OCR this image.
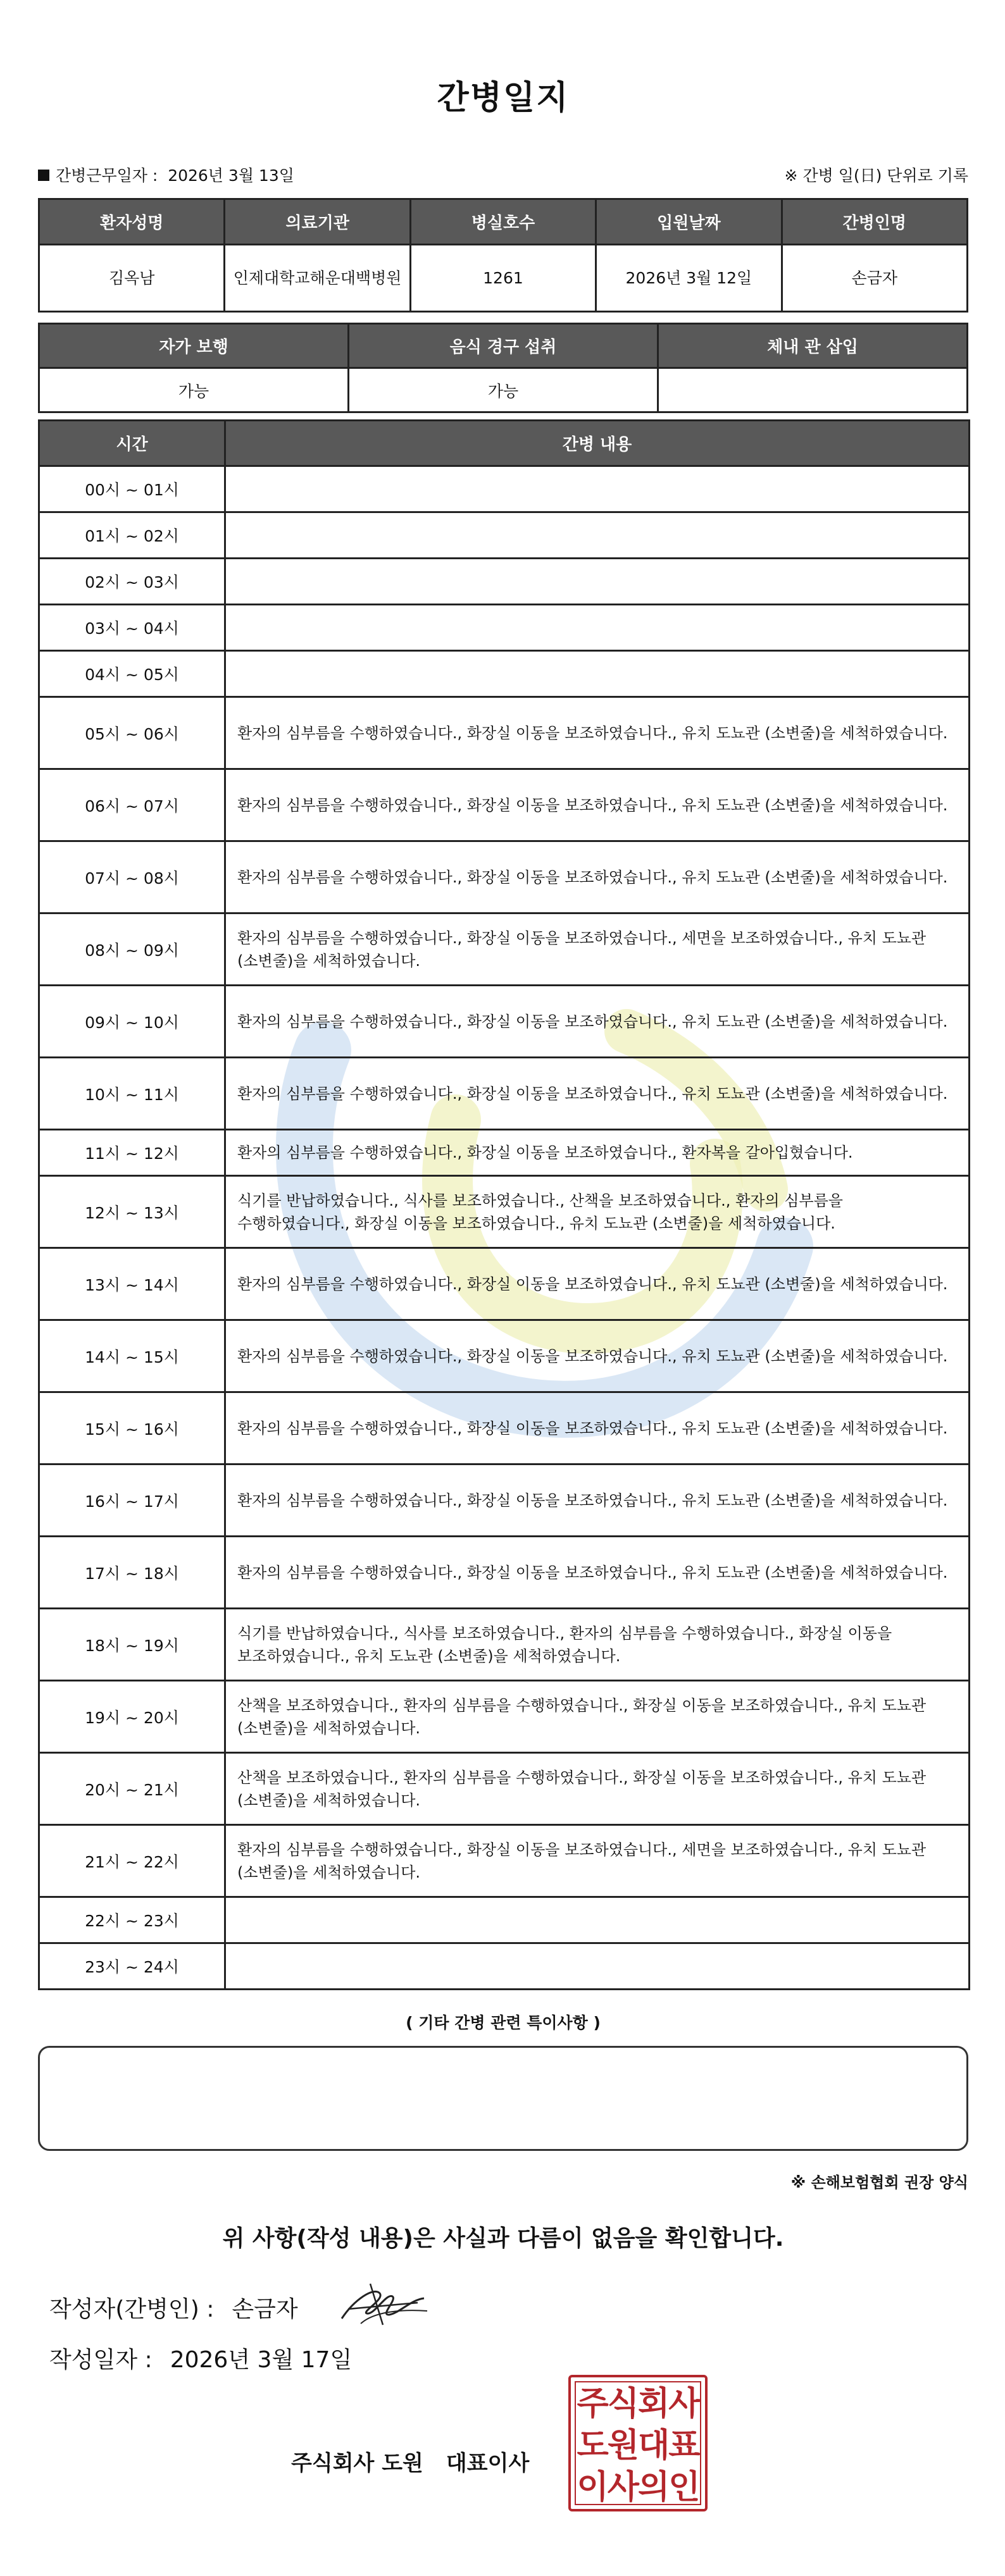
간병일지
간병근무일자 : 2026년 3월 13일	※ 간병 일(日) 단위로 기록
환자성명	의료기관	병실호수	입원날짜	간병인명
김옥남	인제대학교해운대백병원	1261	2026년 3월 12일	손금자
자가 보행	음식 경구 섭취	체내 관 삽입
가능	가능	
시간	간병 내용
00시 ~ 01시	
01시 ~ 02시	
02시 ~ 03시	
03시 ~ 04시	
04시 ~ 05시	
05시 ~ 06시	환자의 심부름을 수행하였습니다., 화장실 이동을 보조하였습니다., 유치 도뇨관 (소변줄)을 세척하였습니다.
06시 ~ 07시	환자의 심부름을 수행하였습니다., 화장실 이동을 보조하였습니다., 유치 도뇨관 (소변줄)을 세척하였습니다.
07시 ~ 08시	환자의 심부름을 수행하였습니다., 화장실 이동을 보조하였습니다., 유치 도뇨관 (소변줄)을 세척하였습니다.
08시 ~ 09시	환자의 심부름을 수행하였습니다., 화장실 이동을 보조하였습니다., 세면을 보조하였습니다., 유치 도뇨관 (소변줄)을 세척하였습니다.
09시 ~ 10시	환자의 심부름을 수행하였습니다., 화장실 이동을 보조하였습니다., 유치 도뇨관 (소변줄)을 세척하였습니다.
10시 ~ 11시	환자의 심부름을 수행하였습니다., 화장실 이동을 보조하였습니다., 유치 도뇨관 (소변줄)을 세척하였습니다.
11시 ~ 12시	환자의 심부름을 수행하였습니다., 화장실 이동을 보조하였습니다., 환자복을 갈아입혔습니다.
12시 ~ 13시	식기를 반납하였습니다., 식사를 보조하였습니다., 산책을 보조하였습니다., 환자의 심부름을 수행하였습니다., 화장실 이동을 보조하였습니다., 유치 도뇨관 (소변줄)을 세척하였습니다.
13시 ~ 14시	환자의 심부름을 수행하였습니다., 화장실 이동을 보조하였습니다., 유치 도뇨관 (소변줄)을 세척하였습니다.
14시 ~ 15시	환자의 심부름을 수행하였습니다., 화장실 이동을 보조하였습니다., 유치 도뇨관 (소변줄)을 세척하였습니다.
15시 ~ 16시	환자의 심부름을 수행하였습니다., 화장실 이동을 보조하였습니다., 유치 도뇨관 (소변줄)을 세척하였습니다.
16시 ~ 17시	환자의 심부름을 수행하였습니다., 화장실 이동을 보조하였습니다., 유치 도뇨관 (소변줄)을 세척하였습니다.
17시 ~ 18시	환자의 심부름을 수행하였습니다., 화장실 이동을 보조하였습니다., 유치 도뇨관 (소변줄)을 세척하였습니다.
18시 ~ 19시	식기를 반납하였습니다., 식사를 보조하였습니다., 환자의 심부름을 수행하였습니다., 화장실 이동을 보조하였습니다., 유치 도뇨관 (소변줄)을 세척하였습니다.
19시 ~ 20시	산책을 보조하였습니다., 환자의 심부름을 수행하였습니다., 화장실 이동을 보조하였습니다., 유치 도뇨관 (소변줄)을 세척하였습니다.
20시 ~ 21시	산책을 보조하였습니다., 환자의 심부름을 수행하였습니다., 화장실 이동을 보조하였습니다., 유치 도뇨관 (소변줄)을 세척하였습니다.
21시 ~ 22시	환자의 심부름을 수행하였습니다., 화장실 이동을 보조하였습니다., 세면을 보조하였습니다., 유치 도뇨관 (소변줄)을 세척하였습니다.
22시 ~ 23시	
23시 ~ 24시	
( 기타 간병 관련 특이사항 )
※ 손해보험협회 권장 양식
위 사항(작성 내용)은 사실과 다름이 없음을 확인합니다.
작성자(간병인) : 손금자
작성일자 : 2026년 3월 17일
주식회사 도원 대표이사
주식회사
도원대표
이사의인
